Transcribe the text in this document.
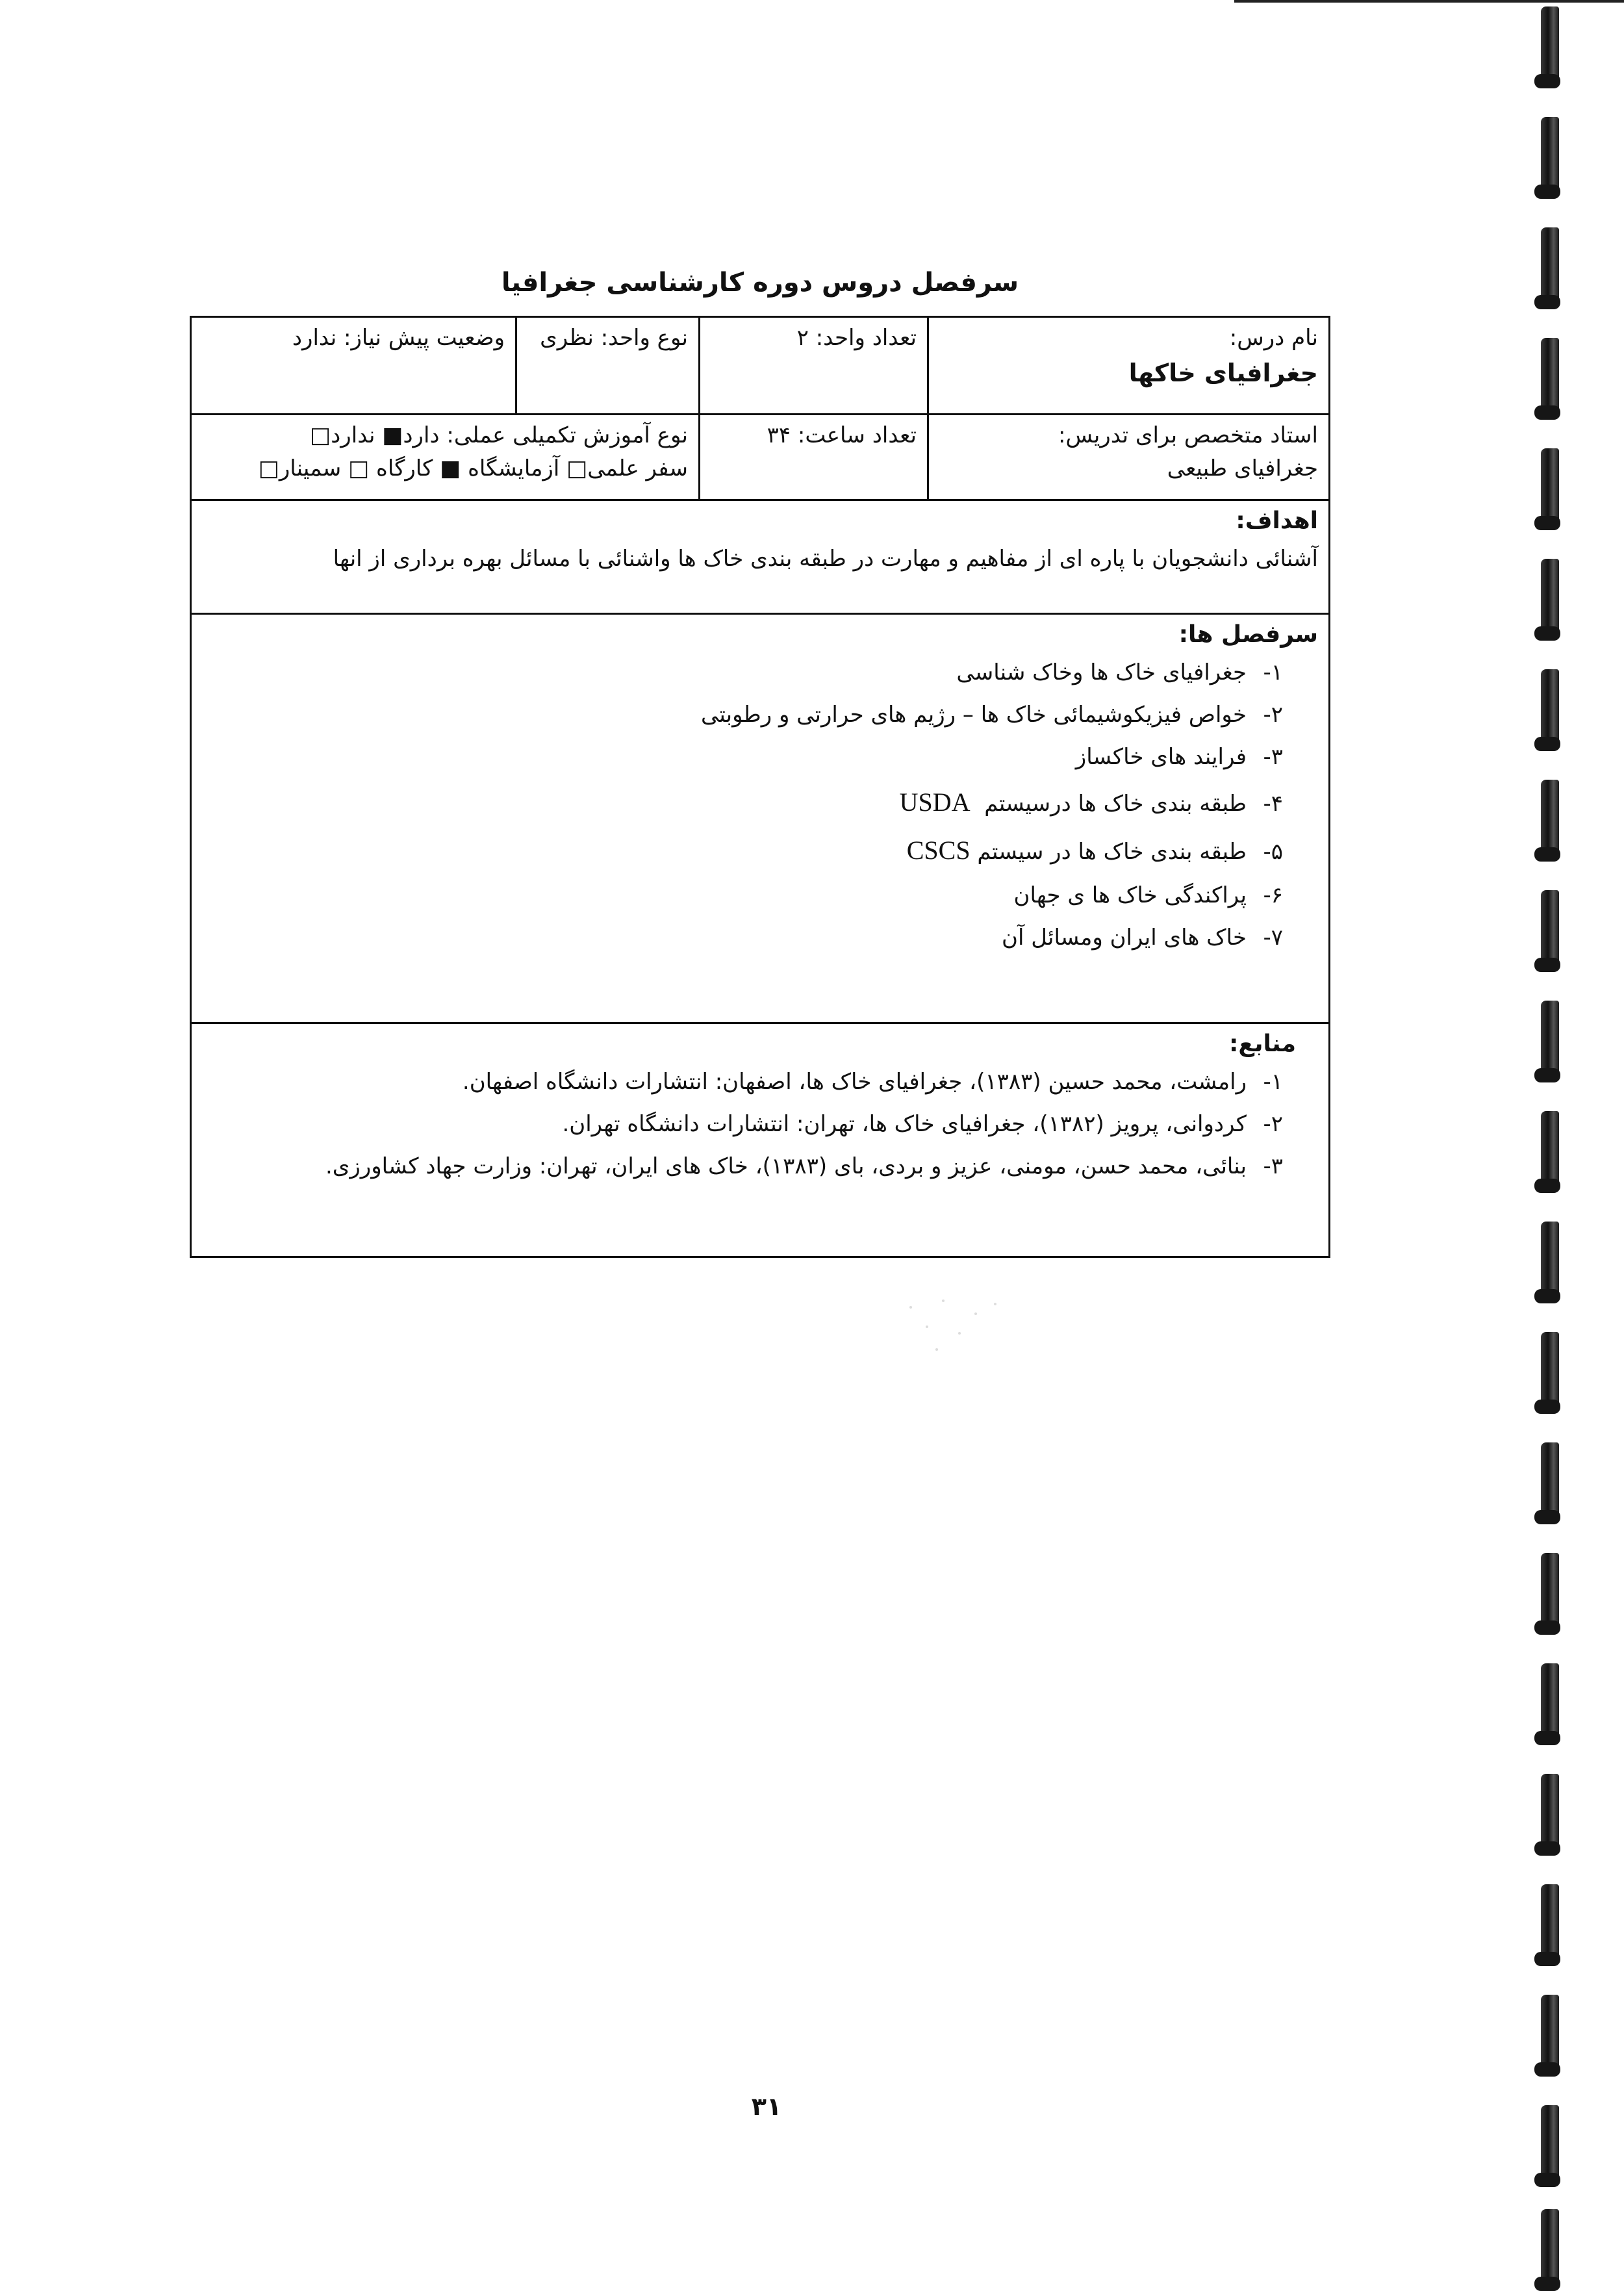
سرفصل دروس دوره کارشناسی جغرافیا
نام درس:
جغرافیای خاکها
تعداد واحد: ۲
نوع واحد: نظری
وضعیت پیش نیاز: ندارد
استاد متخصص برای تدریس:
جغرافیای طبیعی
تعداد ساعت: ۳۴
نوع آموزش تکمیلی عملی: دارد■ ندارد□
سفر علمی□ آزمایشگاه ■ کارگاه □ سمینار□
اهداف:
آشنائی دانشجویان با پاره ای از مفاهیم و مهارت در طبقه بندی خاک ها واشنائی با مسائل بهره برداری از انها
سرفصل ها:
۱-جغرافیای خاک ها وخاک شناسی
۲-خواص فیزیکوشیمائی خاک ها – رژیم های حرارتی و رطوبتی
۳-فرایند های خاکساز
۴-طبقه بندی خاک ها درسیستم  USDA
۵-طبقه بندی خاک ها در سیستم CSCS
۶-پراکندگی خاک ها ی جهان
۷-خاک های ایران ومسائل آن
منابع:
۱-رامشت، محمد حسین (۱۳۸۳)، جغرافیای خاک ها، اصفهان: انتشارات دانشگاه اصفهان.
۲-کردوانی، پرویز (۱۳۸۲)، جغرافیای خاک ها، تهران: انتشارات دانشگاه تهران.
۳-بنائی، محمد حسن، مومنی، عزیز و بردی، بای (۱۳۸۳)، خاک های ایران، تهران: وزارت جهاد کشاورزی.
۳۱
